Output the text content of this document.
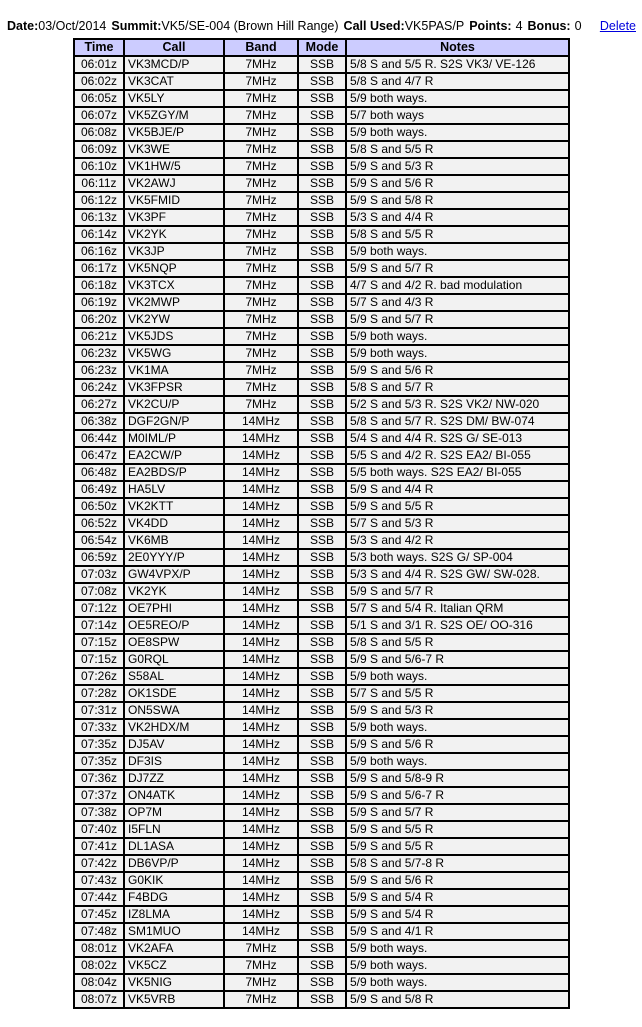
Date:03/Oct/2014 Summit:VK5/SE-004 (Brown Hill Range) Call Used:VK5PAS/P Points: 4 Bonus: 0	Delete
Time	Call	Band	Mode	Notes
06:01z	VK3MCD/P	7MHz	SSB	5/8 S and 5/5 R. S2S VK3/ VE-126
06:02z	VK3CAT	7MHz	SSB	5/8 S and 4/7 R
06:05z	VK5LY	7MHz	SSB	5/9 both ways.
06:07z	VK5ZGY/M	7MHz	SSB	5/7 both ways
06:08z	VK5BJE/P	7MHz	SSB	5/9 both ways.
06:09z	VK3WE	7MHz	SSB	5/8 S and 5/5 R
06:10z	VK1HW/5	7MHz	SSB	5/9 S and 5/3 R
06:11z	VK2AWJ	7MHz	SSB	5/9 S and 5/6 R
06:12z	VK5FMID	7MHz	SSB	5/9 S and 5/8 R
06:13z	VK3PF	7MHz	SSB	5/3 S and 4/4 R
06:14z	VK2YK	7MHz	SSB	5/8 S and 5/5 R
06:16z	VK3JP	7MHz	SSB	5/9 both ways.
06:17z	VK5NQP	7MHz	SSB	5/9 S and 5/7 R
06:18z	VK3TCX	7MHz	SSB	4/7 S and 4/2 R. bad modulation
06:19z	VK2MWP	7MHz	SSB	5/7 S and 4/3 R
06:20z	VK2YW	7MHz	SSB	5/9 S and 5/7 R
06:21z	VK5JDS	7MHz	SSB	5/9 both ways.
06:23z	VK5WG	7MHz	SSB	5/9 both ways.
06:23z	VK1MA	7MHz	SSB	5/9 S and 5/6 R
06:24z	VK3FPSR	7MHz	SSB	5/8 S and 5/7 R
06:27z	VK2CU/P	7MHz	SSB	5/2 S and 5/3 R. S2S VK2/ NW-020
06:38z	DGF2GN/P	14MHz	SSB	5/8 S and 5/7 R. S2S DM/ BW-074
06:44z	M0IML/P	14MHz	SSB	5/4 S and 4/4 R. S2S G/ SE-013
06:47z	EA2CW/P	14MHz	SSB	5/5 S and 4/2 R. S2S EA2/ BI-055
06:48z	EA2BDS/P	14MHz	SSB	5/5 both ways. S2S EA2/ BI-055
06:49z	HA5LV	14MHz	SSB	5/9 S and 4/4 R
06:50z	VK2KTT	14MHz	SSB	5/9 S and 5/5 R
06:52z	VK4DD	14MHz	SSB	5/7 S and 5/3 R
06:54z	VK6MB	14MHz	SSB	5/3 S and 4/2 R
06:59z	2E0YYY/P	14MHz	SSB	5/3 both ways. S2S G/ SP-004
07:03z	GW4VPX/P	14MHz	SSB	5/3 S and 4/4 R. S2S GW/ SW-028.
07:08z	VK2YK	14MHz	SSB	5/9 S and 5/7 R
07:12z	OE7PHI	14MHz	SSB	5/7 S and 5/4 R. Italian QRM
07:14z	OE5REO/P	14MHz	SSB	5/1 S and 3/1 R. S2S OE/ OO-316
07:15z	OE8SPW	14MHz	SSB	5/8 S and 5/5 R
07:15z	G0RQL	14MHz	SSB	5/9 S and 5/6-7 R
07:26z	S58AL	14MHz	SSB	5/9 both ways.
07:28z	OK1SDE	14MHz	SSB	5/7 S and 5/5 R
07:31z	ON5SWA	14MHz	SSB	5/9 S and 5/3 R
07:33z	VK2HDX/M	14MHz	SSB	5/9 both ways.
07:35z	DJ5AV	14MHz	SSB	5/9 S and 5/6 R
07:35z	DF3IS	14MHz	SSB	5/9 both ways.
07:36z	DJ7ZZ	14MHz	SSB	5/9 S and 5/8-9 R
07:37z	ON4ATK	14MHz	SSB	5/9 S and 5/6-7 R
07:38z	OP7M	14MHz	SSB	5/9 S and 5/7 R
07:40z	I5FLN	14MHz	SSB	5/9 S and 5/5 R
07:41z	DL1ASA	14MHz	SSB	5/9 S and 5/5 R
07:42z	DB6VP/P	14MHz	SSB	5/8 S and 5/7-8 R
07:43z	G0KIK	14MHz	SSB	5/9 S and 5/6 R
07:44z	F4BDG	14MHz	SSB	5/9 S and 5/4 R
07:45z	IZ8LMA	14MHz	SSB	5/9 S and 5/4 R
07:48z	SM1MUO	14MHz	SSB	5/9 S and 4/1 R
08:01z	VK2AFA	7MHz	SSB	5/9 both ways.
08:02z	VK5CZ	7MHz	SSB	5/9 both ways.
08:04z	VK5NIG	7MHz	SSB	5/9 both ways.
08:07z	VK5VRB	7MHz	SSB	5/9 S and 5/8 R
